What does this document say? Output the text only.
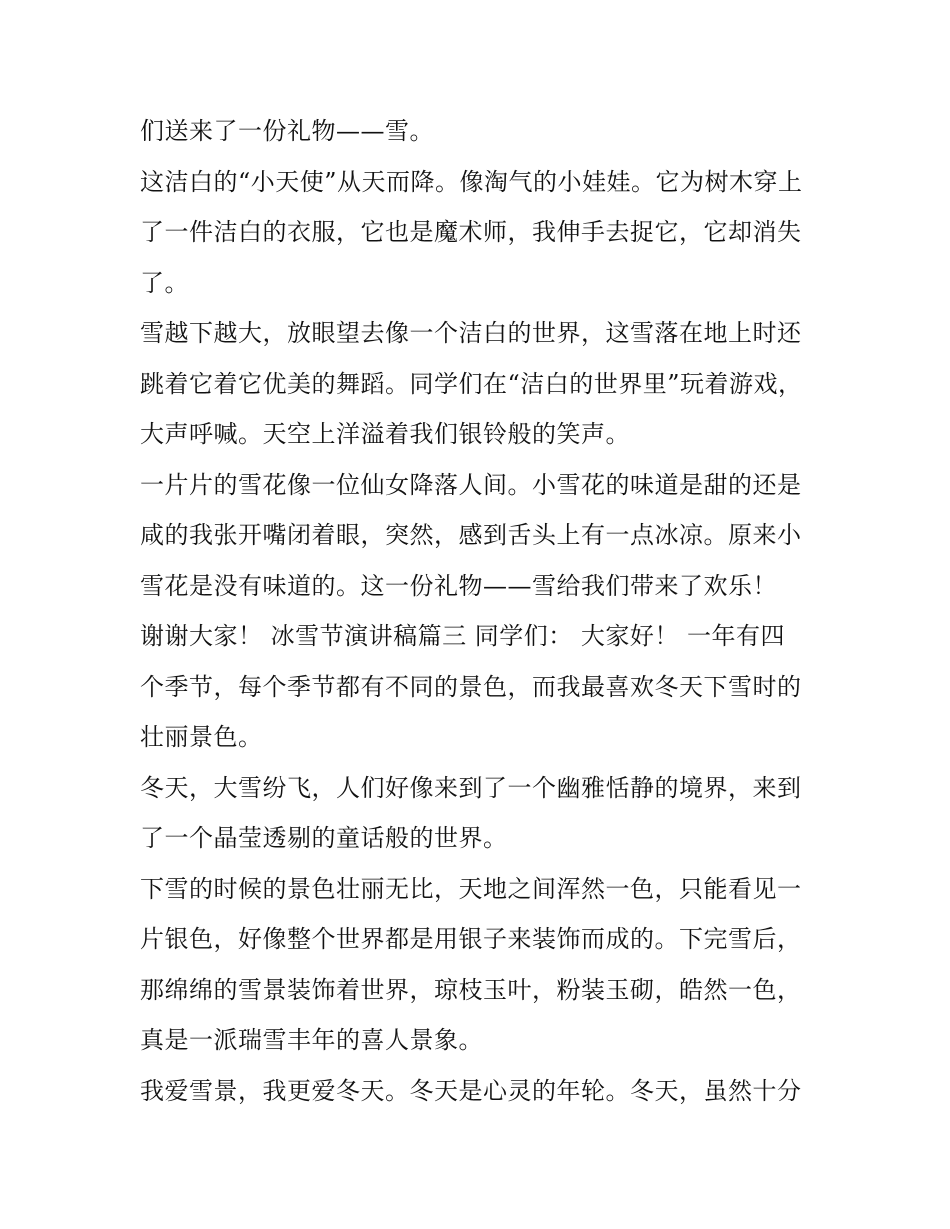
们送来了一份礼物——雪。
这洁白的“小天使”从天而降。像淘气的小娃娃。它为树木穿上
了一件洁白的衣服，它也是魔术师，我伸手去捉它，它却消失
了。
雪越下越大，放眼望去像一个洁白的世界，这雪落在地上时还
跳着它着它优美的舞蹈。同学们在“洁白的世界里”玩着游戏，
大声呼喊。天空上洋溢着我们银铃般的笑声。
一片片的雪花像一位仙女降落人间。小雪花的味道是甜的还是
咸的我张开嘴闭着眼，突然，感到舌头上有一点冰凉。原来小
雪花是没有味道的。这一份礼物——雪给我们带来了欢乐！
谢谢大家！ 冰雪节演讲稿篇三 同学们： 大家好！ 一年有四
个季节，每个季节都有不同的景色，而我最喜欢冬天下雪时的
壮丽景色。
冬天，大雪纷飞，人们好像来到了一个幽雅恬静的境界，来到
了一个晶莹透剔的童话般的世界。
下雪的时候的景色壮丽无比，天地之间浑然一色，只能看见一
片银色，好像整个世界都是用银子来装饰而成的。下完雪后，
那绵绵的雪景装饰着世界，琼枝玉叶，粉装玉砌，皓然一色，
真是一派瑞雪丰年的喜人景象。
我爱雪景，我更爱冬天。冬天是心灵的年轮。冬天，虽然十分
